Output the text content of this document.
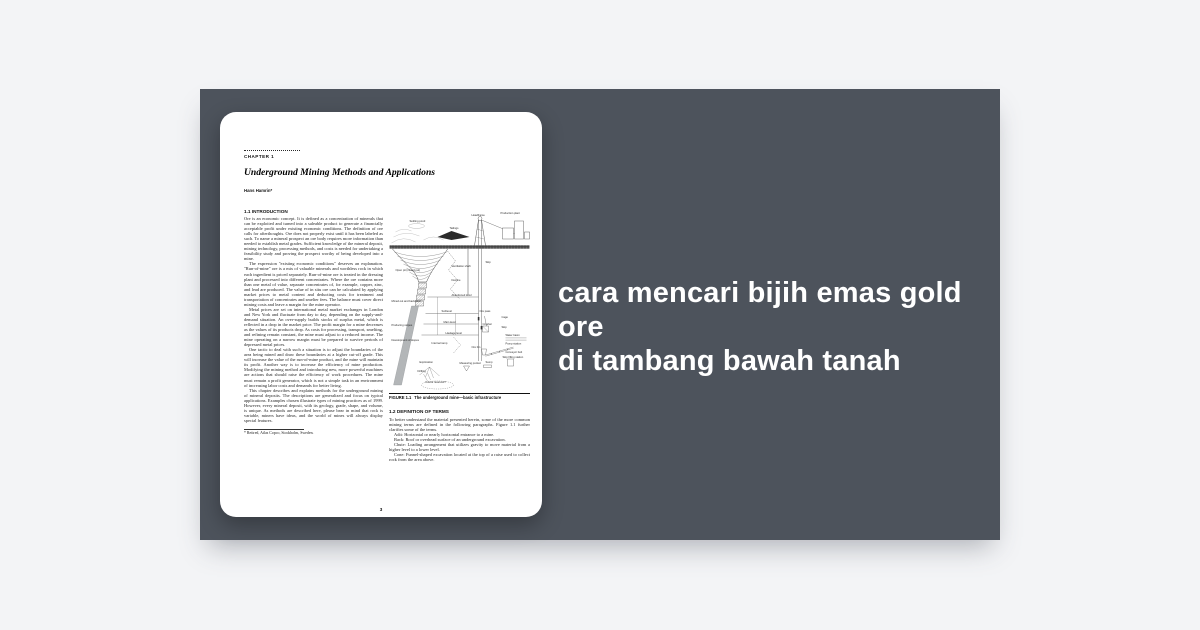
CHAPTER 1
Underground Mining Methods and Applications
Hans Hamrin*
1.1 INTRODUCTION

Ore is an economic concept. It is defined as a concentration of minerals that can be exploited and turned into a saleable product to generate a financially acceptable profit under existing economic conditions. The definition of ore calls for afterthoughts. Ore does not properly exist until it has been labeled as such. To name a mineral prospect an ore body requires more information than needed to establish metal grades. Sufficient knowledge of the mineral deposit, mining technology, processing methods, and costs is needed for undertaking a feasibility study and proving the prospect worthy of being developed into a mine.

The expression "existing economic conditions" deserves an explanation. "Run-of-mine" ore is a mix of valuable minerals and worthless rock in which each ingredient is priced separately. Run-of-mine ore is treated in the dressing plant and processed into different concentrates. Where the ore contains more than one metal of value, separate concentrates of, for example, copper, zinc, and lead are produced. The value of in situ ore can be calculated by applying market prices to metal content and deducting costs for treatment and transportation of concentrates and smelter fees. The balance must cover direct mining costs and leave a margin for the mine operator.

Metal prices are set on international metal market exchanges in London and New York and fluctuate from day to day, depending on the supply-and-demand situation. An over-supply builds stocks of surplus metal, which is reflected in a drop in the market price. The profit margin for a mine decreases as the values of its products drop. As costs for processing, transport, smelting, and refining remain constant, the mine must adjust to a reduced income. The mine operating on a narrow margin must be prepared to survive periods of depressed metal prices.

One tactic to deal with such a situation is to adjust the boundaries of the area being mined and draw these boundaries at a higher cut-off grade. This will increase the value of the run-of-mine product, and the mine will maintain its profit. Another way is to increase the efficiency of mine production. Modifying the mining method and introducing new, more powerful machines are actions that should raise the efficiency of work procedures. The mine must remain a profit generator, which is not a simple task in an environment of increasing labor costs and demands for better living.

This chapter describes and explains methods for the underground mining of mineral deposits. The descriptions are generalized and focus on typical applications. Examples chosen illustrate types of mining practices as of 1999. However, every mineral deposit, with its geology, grade, shape, and volume, is unique. As methods are described here, please bear in mind that rock is variable, miners have ideas, and the world of mines will always display special features.

* Retired, Atlas Copco, Stockholm, Sweden.
Settling pond
Headframe
Production plant
Tailings
Skip
Ventilation shaft
Open pit (mined out)
Decline
Mined out and backfilled
Abandoned level
Sublevel	Ore pass
Cage
Main level
Skip
Haulage level
Crusher
Water basin
Pump station
Producing stopes
Development of stopes
Internal ramp
Ore bin
Conveyor belt
Skip filling station
Exploration	Measuring pocket Sump
Drilling
Future reserves?
FIGURE 1.1 The underground mine—basic infrastructure
1.2 DEFINITION OF TERMS

To better understand the material presented herein, some of the more common mining terms are defined in the following paragraphs. Figure 1.1 further clarifies some of the terms.

Adit: Horizontal or nearly horizontal entrance to a mine.

Back: Roof or overhead surface of an underground excavation.

Chute: Loading arrangement that utilizes gravity to move material from a higher level to a lower level.

Cone: Funnel-shaped excavation located at the top of a raise used to collect rock from the area above.

3
cara mencari bijih emas gold ore
di tambang bawah tanah
